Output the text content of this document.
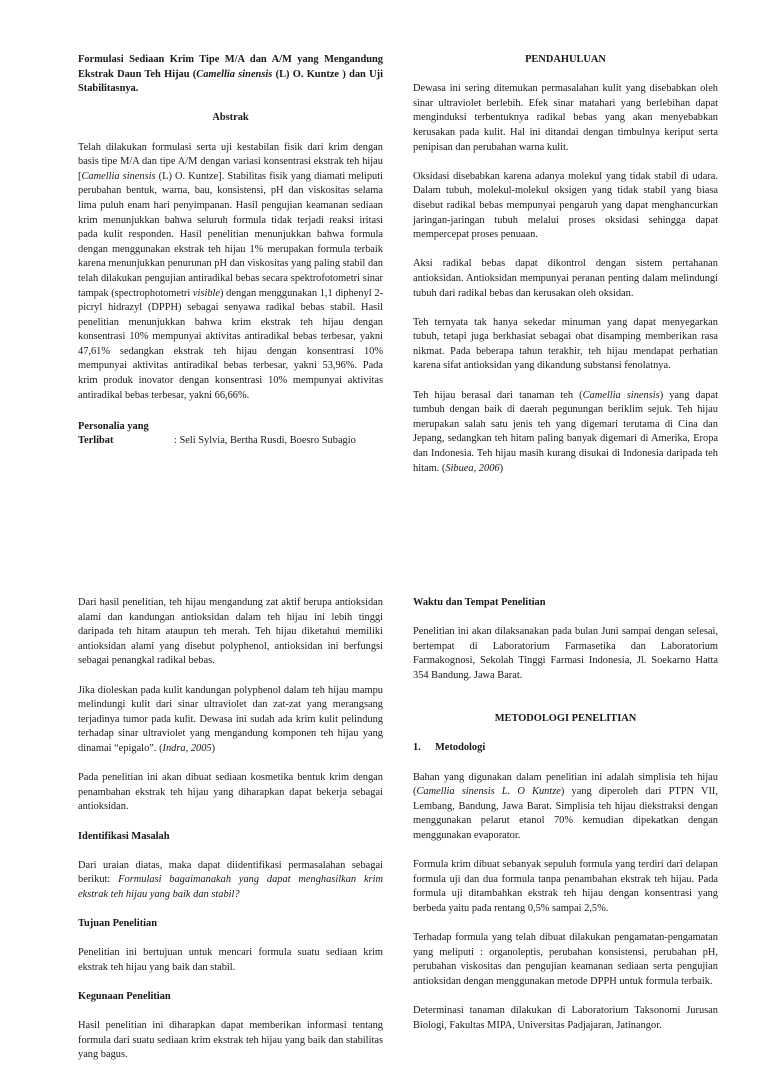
Formulasi Sediaan Krim Tipe M/A dan A/M yang Mengandung Ekstrak Daun Teh Hijau (Camellia sinensis (L) O. Kuntze ) dan Uji Stabilitasnya.

Abstrak

Telah dilakukan formulasi serta uji kestabilan fisik dari krim dengan basis tipe M/A dan tipe A/M dengan variasi konsentrasi ekstrak teh hijau [Camellia sinensis (L) O. Kuntze]. Stabilitas fisik yang diamati meliputi perubahan bentuk, warna, bau, konsistensi, pH dan viskositas selama lima puluh enam hari penyimpanan. Hasil pengujian keamanan sediaan krim menunjukkan bahwa seluruh formula tidak terjadi reaksi iritasi pada kulit responden. Hasil penelitian menunjukkan bahwa formula dengan menggunakan ekstrak teh hijau 1% merupakan formula terbaik karena menunjukkan penurunan pH dan viskositas yang paling stabil dan telah dilakukan pengujian antiradikal bebas secara spektrofotometri sinar tampak (spectrophotometri visible) dengan menggunakan 1,1 diphenyl 2-picryl hidrazyl (DPPH) sebagai senyawa radikal bebas stabil. Hasil penelitian menunjukkan bahwa krim ekstrak teh hijau dengan konsentrasi 10% mempunyai aktivitas antiradikal bebas terbesar, yakni 47,61% sedangkan ekstrak teh hijau dengan konsentrasi 10% mempunyai aktivitas antiradikal bebas terbesar, yakni 53,96%. Pada krim produk inovator dengan konsentrasi 10% mempunyai aktivitas antiradikal bebas terbesar, yakni 66,66%.

Personalia yang

Terlibat	: Seli Sylvia, Bertha Rusdi, Boesro Subagio

PENDAHULUAN

Dewasa ini sering ditemukan permasalahan kulit yang disebabkan oleh sinar ultraviolet berlebih. Efek sinar matahari yang berlebihan dapat menginduksi terbentuknya radikal bebas yang akan menyebabkan kerusakan pada kulit. Hal ini ditandai dengan timbulnya keriput serta penipisan dan perubahan warna kulit.

Oksidasi disebabkan karena adanya molekul yang tidak stabil di udara. Dalam tubuh, molekul-molekul oksigen yang tidak stabil yang biasa disebut radikal bebas mempunyai pengaruh yang dapat menghancurkan jaringan-jaringan tubuh melalui proses oksidasi sehingga dapat mempercepat proses penuaan.

Aksi radikal bebas dapat dikontrol dengan sistem pertahanan antioksidan. Antioksidan mempunyai peranan penting dalam melindungi tubuh dari radikal bebas dan kerusakan oleh oksidan.

Teh ternyata tak hanya sekedar minuman yang dapat menyegarkan tubuh, tetapi juga berkhasiat sebagai obat disamping memberikan rasa nikmat. Pada beberapa tahun terakhir, teh hijau mendapat perhatian karena sifat antioksidan yang dikandung substansi fenolatnya.

Teh hijau berasal dari tanaman teh (Camellia sinensis) yang dapat tumbuh dengan baik di daerah pegunungan beriklim sejuk. Teh hijau merupakan salah satu jenis teh yang digemari terutama di Cina dan Jepang, sedangkan teh hitam paling banyak digemari di Amerika, Eropa dan Indonesia. Teh hijau masih kurang disukai di Indonesia daripada teh hitam. (Sibuea, 2006)

Dari hasil penelitian, teh hijau mengandung zat aktif berupa antioksidan alami dan kandungan antioksidan dalam teh hijau ini lebih tinggi daripada teh hitam ataupun teh merah. Teh hijau diketahui memiliki antioksidan alami yang disebut polyphenol, antioksidan ini berfungsi sebagai penangkal radikal bebas.

Jika dioleskan pada kulit kandungan polyphenol dalam teh hijau mampu melindungi kulit dari sinar ultraviolet dan zat-zat yang merangsang terjadinya tumor pada kulit. Dewasa ini sudah ada krim kulit pelindung terhadap sinar ultraviolet yang mengandung komponen teh hijau yang dinamai “epigalo”. (Indra, 2005)

Pada penelitian ini akan dibuat sediaan kosmetika bentuk krim dengan penambahan ekstrak teh hijau yang diharapkan dapat bekerja sebagai antioksidan.

Identifikasi Masalah

Dari uraian diatas, maka dapat diidentifikasi permasalahan sebagai berikut: Formulasi bagaimanakah yang dapat menghasilkan krim ekstrak teh hijau yang baik dan stabil?

Tujuan Penelitian

Penelitian ini bertujuan untuk mencari formula suatu sediaan krim ekstrak teh hijau yang baik dan stabil.

Kegunaan Penelitian

Hasil penelitian ini diharapkan dapat memberikan informasi tentang formula dari suatu sediaan krim ekstrak teh hijau yang baik dan stabilitas yang bagus.

Waktu dan Tempat Penelitian

Penelitian ini akan dilaksanakan pada bulan Juni sampai dengan selesai, bertempat di Laboratorium Farmasetika dan Laboratorium Farmakognosi, Sekolah Tinggi Farmasi Indonesia, Jl. Soekarno Hatta 354 Bandung. Jawa Barat.

METODOLOGI PENELITIAN

1. Metodologi

Bahan yang digunakan dalam penelitian ini adalah simplisia teh hijau (Camellia sinensis L. O Kuntze) yang diperoleh dari PTPN VII, Lembang, Bandung, Jawa Barat. Simplisia teh hijau diekstraksi dengan menggunakan pelarut etanol 70% kemudian dipekatkan dengan menggunakan evaporator.

Formula krim dibuat sebanyak sepuluh formula yang terdiri dari delapan formula uji dan dua formula tanpa penambahan ekstrak teh hijau. Pada formula uji ditambahkan ekstrak teh hijau dengan konsentrasi yang berbeda yaitu pada rentang 0,5% sampai 2,5%.

Terhadap formula yang telah dibuat dilakukan pengamatan-pengamatan yang meliputi : organoleptis, perubahan konsistensi, perubahan pH, perubahan viskositas dan pengujian keamanan sediaan serta pengujian antioksidan dengan menggunakan metode DPPH untuk formula terbaik.

Determinasi tanaman dilakukan di Laboratorium Taksonomi Jurusan Biologi, Fakultas MIPA, Universitas Padjajaran, Jatinangor.
